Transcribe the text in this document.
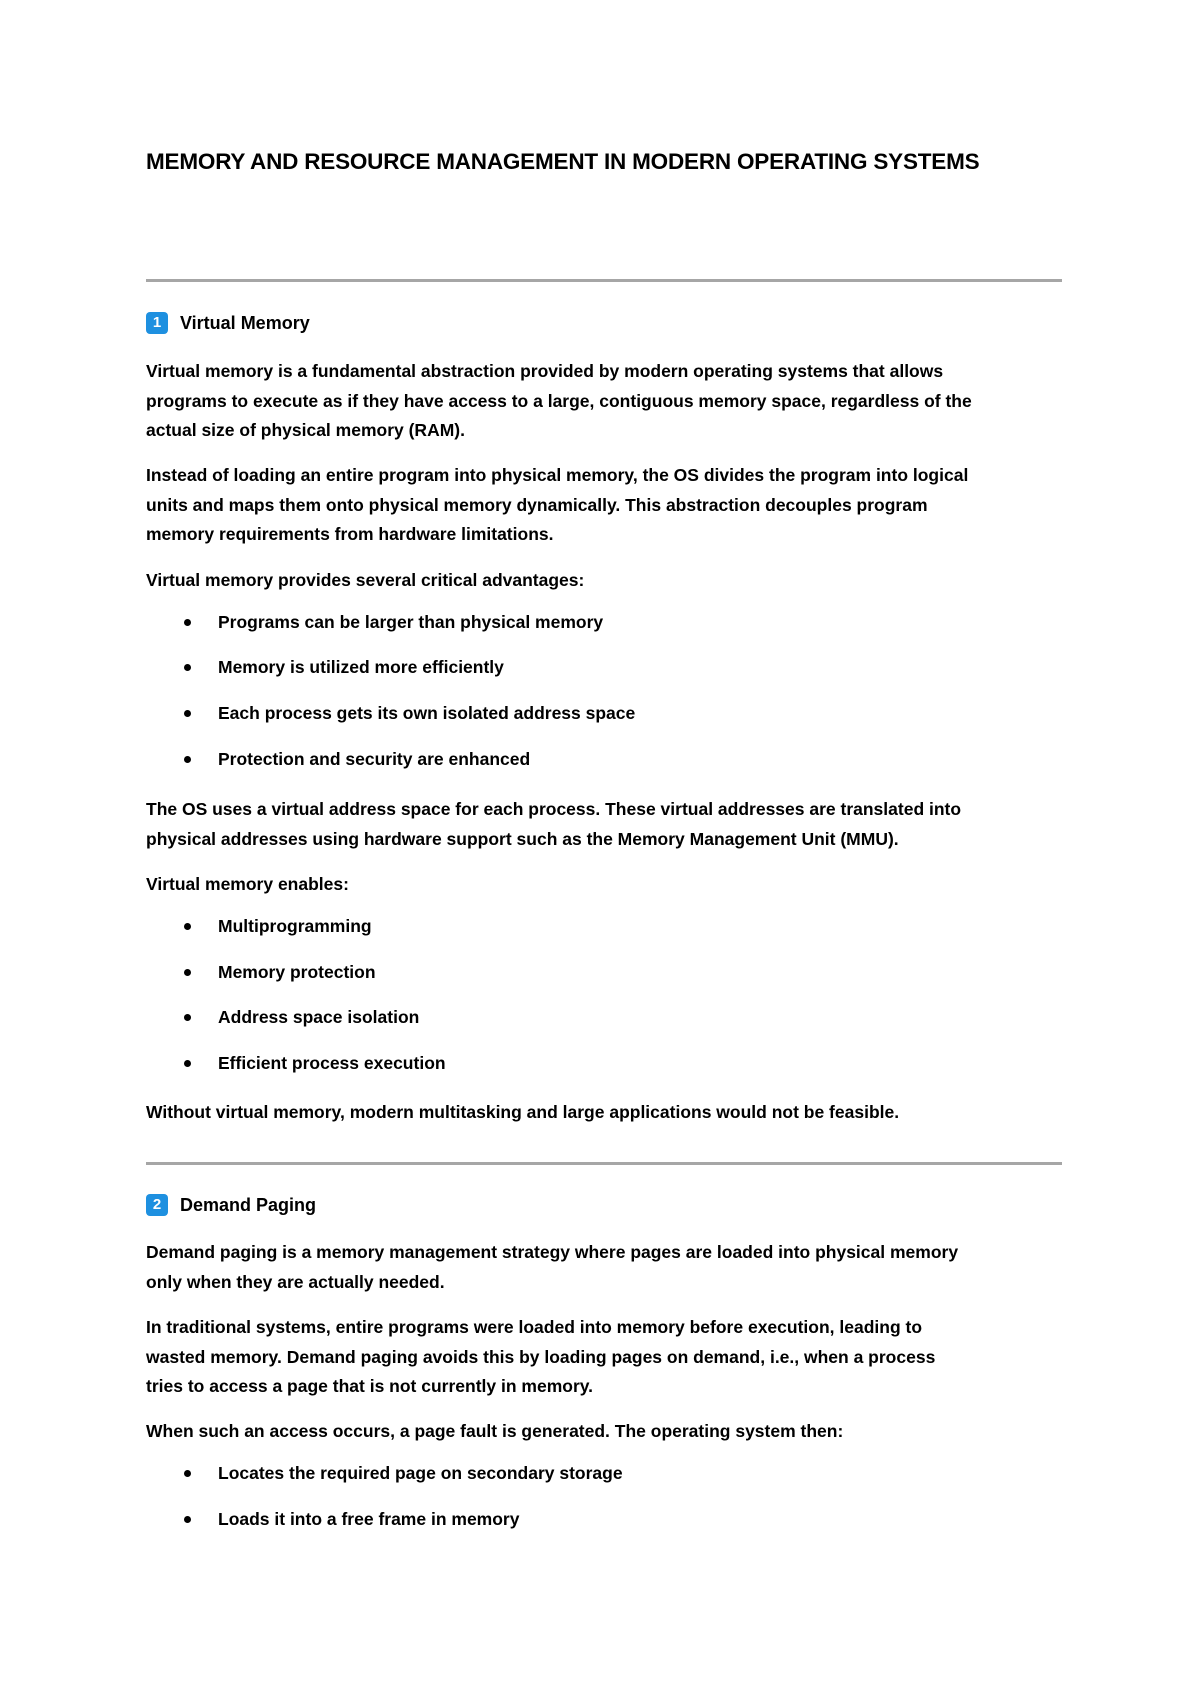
MEMORY AND RESOURCE MANAGEMENT IN MODERN OPERATING SYSTEMS
1	Virtual Memory

Virtual memory is a fundamental abstraction provided by modern operating systems that allows
programs to execute as if they have access to a large, contiguous memory space, regardless of the
actual size of physical memory (RAM).

Instead of loading an entire program into physical memory, the OS divides the program into logical
units and maps them onto physical memory dynamically. This abstraction decouples program
memory requirements from hardware limitations.

Virtual memory provides several critical advantages:

Programs can be larger than physical memory
Memory is utilized more efficiently
Each process gets its own isolated address space
Protection and security are enhanced

The OS uses a virtual address space for each process. These virtual addresses are translated into
physical addresses using hardware support such as the Memory Management Unit (MMU).

Virtual memory enables:

Multiprogramming
Memory protection
Address space isolation
Efficient process execution

Without virtual memory, modern multitasking and large applications would not be feasible.

2	Demand Paging

Demand paging is a memory management strategy where pages are loaded into physical memory
only when they are actually needed.

In traditional systems, entire programs were loaded into memory before execution, leading to
wasted memory. Demand paging avoids this by loading pages on demand, i.e., when a process
tries to access a page that is not currently in memory.

When such an access occurs, a page fault is generated. The operating system then:

Locates the required page on secondary storage
Loads it into a free frame in memory
